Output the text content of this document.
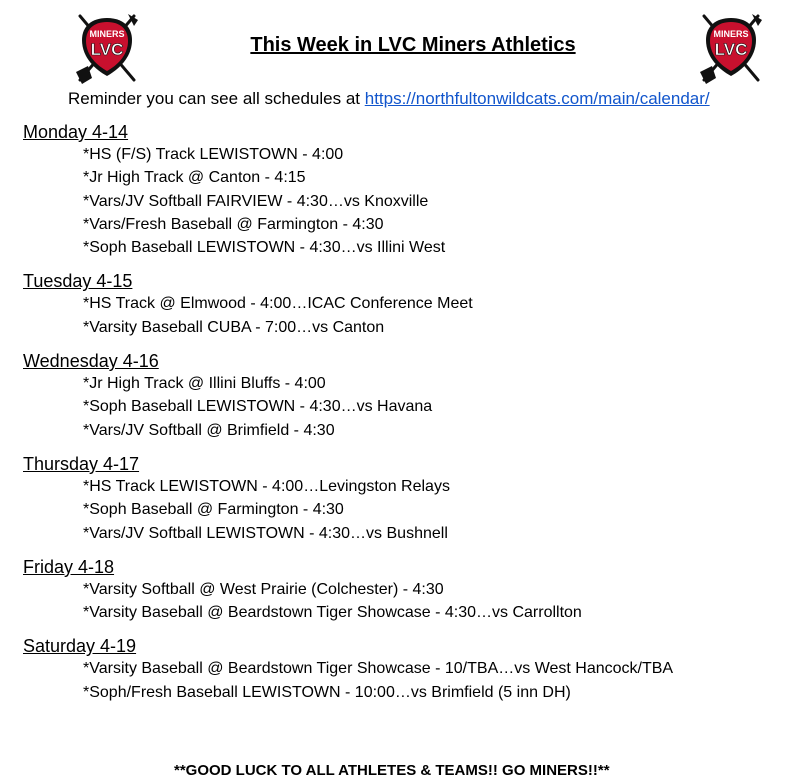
MINERS
LVC
MINERS
LVC
This Week in LVC Miners Athletics
Reminder you can see all schedules at https://northfultonwildcats.com/main/calendar/
Monday 4-14
*HS (F/S) Track LEWISTOWN - 4:00
*Jr High Track @ Canton - 4:15
*Vars/JV Softball FAIRVIEW - 4:30…vs Knoxville
*Vars/Fresh Baseball @ Farmington - 4:30
*Soph Baseball LEWISTOWN - 4:30…vs Illini West
Tuesday 4-15
*HS Track @ Elmwood - 4:00…ICAC Conference Meet
*Varsity Baseball CUBA - 7:00…vs Canton
Wednesday 4-16
*Jr High Track @ Illini Bluffs - 4:00
*Soph Baseball LEWISTOWN - 4:30…vs Havana
*Vars/JV Softball @ Brimfield - 4:30
Thursday 4-17
*HS Track LEWISTOWN - 4:00…Levingston Relays
*Soph Baseball @ Farmington - 4:30
*Vars/JV Softball LEWISTOWN - 4:30…vs Bushnell
Friday 4-18
*Varsity Softball @ West Prairie (Colchester) - 4:30
*Varsity Baseball @ Beardstown Tiger Showcase - 4:30…vs Carrollton
Saturday 4-19
*Varsity Baseball @ Beardstown Tiger Showcase - 10/TBA…vs West Hancock/TBA
*Soph/Fresh Baseball LEWISTOWN - 10:00…vs Brimfield (5 inn DH)
**GOOD LUCK TO ALL ATHLETES & TEAMS!! GO MINERS!!**
